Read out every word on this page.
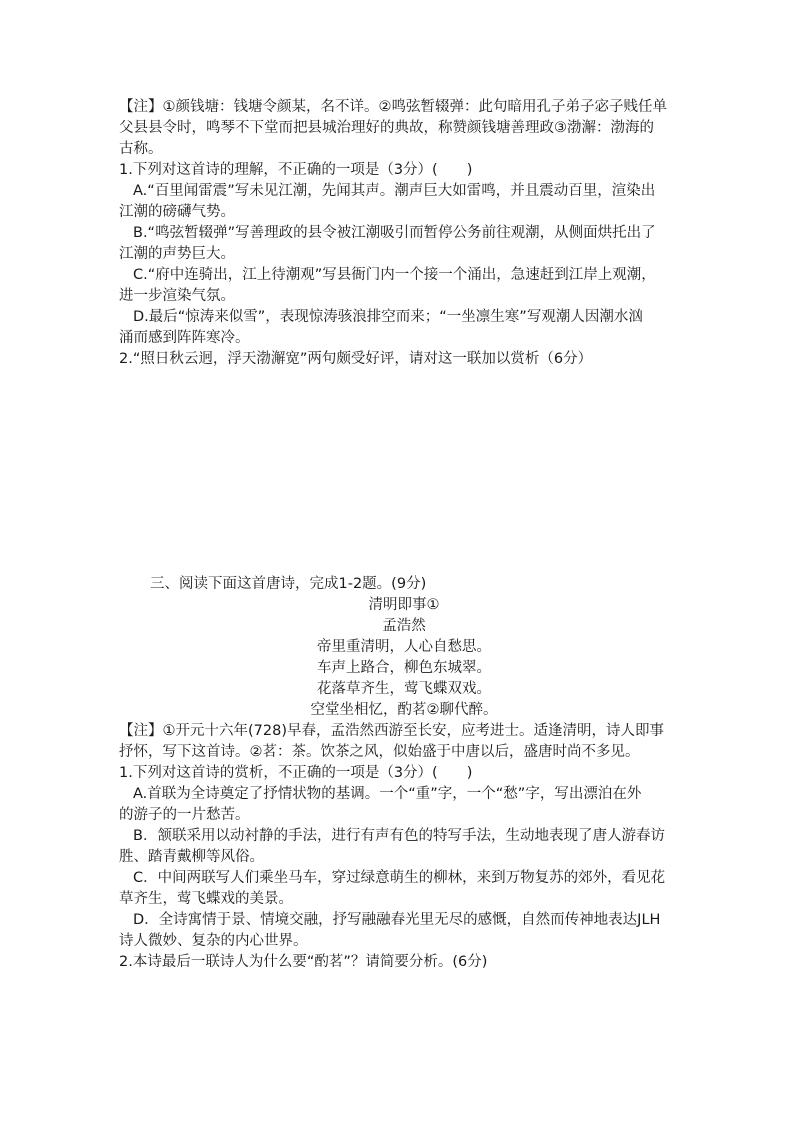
【注】①颜钱塘：钱塘令颜某，名不详。②鸣弦暂辍弹：此句暗用孔子弟子宓子贱任单
父县县令时，鸣琴不下堂而把县城治理好的典故，称赞颜钱塘善理政③渤澥：渤海的
古称。
1.下列对这首诗的理解，不正确的一项是（3分）(　　)
A.“百里闻雷震”写未见江潮，先闻其声。潮声巨大如雷鸣，并且震动百里，渲染出
江潮的磅礴气势。
B.“鸣弦暂辍弹”写善理政的县令被江潮吸引而暂停公务前往观潮，从侧面烘托出了
江潮的声势巨大。
C.“府中连骑出，江上待潮观”写县衙门内一个接一个涌出，急速赶到江岸上观潮，
进一步渲染气氛。
D.最后“惊涛来似雪”，表现惊涛骇浪排空而来；“一坐凛生寒”写观潮人因潮水汹
涌而感到阵阵寒冷。
2.“照日秋云迥，浮天渤澥宽”两句颇受好评，请对这一联加以赏析（6分）
三、阅读下面这首唐诗，完成1-2题。(9分)
清明即事①
孟浩然
帝里重清明，人心自愁思。
车声上路合，柳色东城翠。
花落草齐生，莺飞蝶双戏。
空堂坐相忆，酌茗②聊代醉。
【注】①开元十六年(728)早春，孟浩然西游至长安，应考进士。适逢清明，诗人即事
抒怀，写下这首诗。②茗：茶。饮茶之风，似始盛于中唐以后，盛唐时尚不多见。
1.下列对这首诗的赏析，不正确的一项是（3分）(　　)
A.首联为全诗奠定了抒情状物的基调。一个“重”字，一个“愁”字，写出漂泊在外
的游子的一片愁苦。
B．颔联采用以动衬静的手法，进行有声有色的特写手法，生动地表现了唐人游春访
胜、踏青戴柳等风俗。
C．中间两联写人们乘坐马车，穿过绿意萌生的柳林，来到万物复苏的郊外，看见花
草齐生，莺飞蝶戏的美景。
D．全诗寓情于景、情境交融，抒写融融春光里无尽的感慨，自然而传神地表达JLH
诗人微妙、复杂的内心世界。
2.本诗最后一联诗人为什么要“酌茗”？请简要分析。(6分)
